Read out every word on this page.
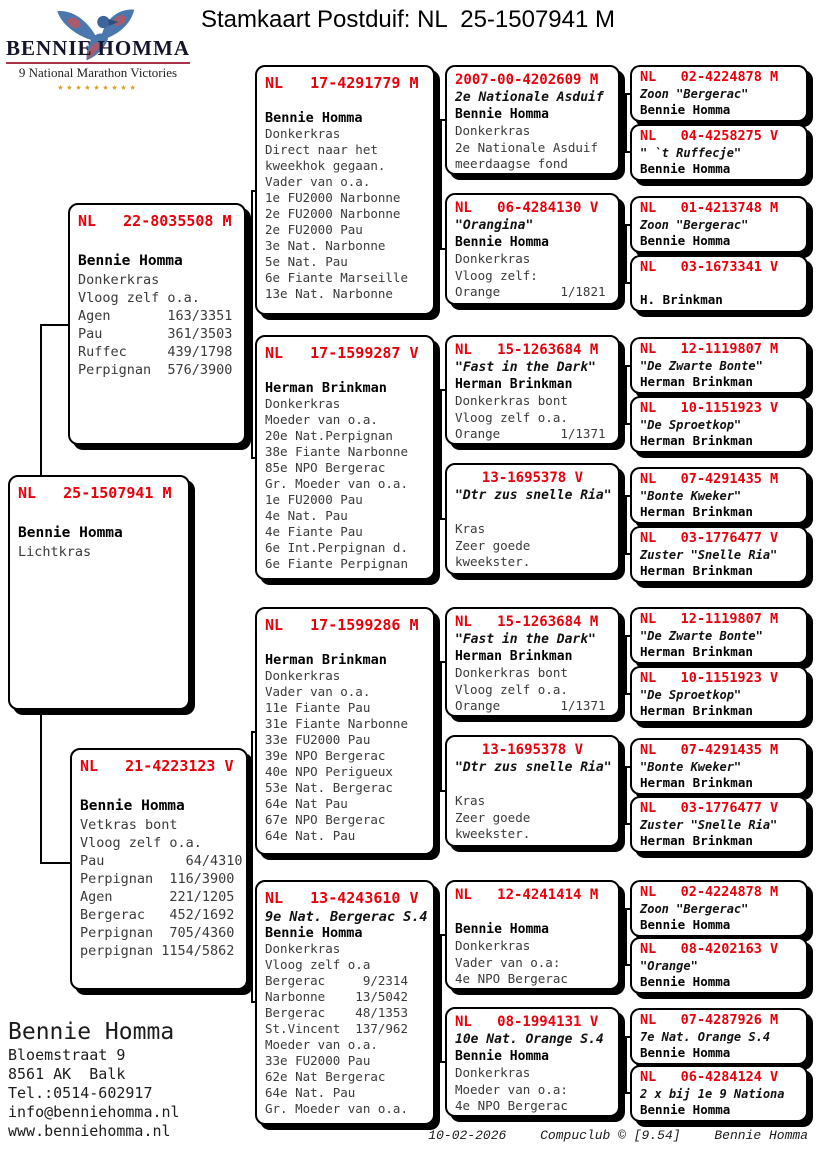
Stamkaart Postduif: NL  25-1507941 M
BENNIE HOMMA
9 National Marathon Victories
★★★★★★★★★
NL   25-1507941 M
Bennie Homma
Lichtkras
NL   22-8035508 M
Bennie Homma
Donkerkras
Vloog zelf o.a.
Agen       163/3351
Pau        361/3503
Ruffec     439/1798
Perpignan  576/3900
NL   21-4223123 V
Bennie Homma
Vetkras bont
Vloog zelf o.a.
Pau          64/4310
Perpignan  116/3900
Agen       221/1205
Bergerac   452/1692
Perpignan  705/4360
perpignan 1154/5862
NL   17-4291779 M
Bennie Homma
Donkerkras
Direct naar het
kweekhok gegaan.
Vader van o.a.
1e FU2000 Narbonne
2e FU2000 Narbonne
2e FU2000 Pau
3e Nat. Narbonne
5e Nat. Pau
6e Fiante Marseille
13e Nat. Narbonne
NL   17-1599287 V
Herman Brinkman
Donkerkras
Moeder van o.a.
20e Nat.Perpignan
38e Fiante Narbonne
85e NPO Bergerac
Gr. Moeder van o.a.
1e FU2000 Pau
4e Nat. Pau
4e Fiante Pau
6e Int.Perpignan d.
6e Fiante Perpignan
NL   17-1599286 M
Herman Brinkman
Donkerkras
Vader van o.a.
11e Fiante Pau
31e Fiante Narbonne
33e FU2000 Pau
39e NPO Bergerac
40e NPO Perigueux
53e Nat. Bergerac
64e Nat Pau
67e NPO Bergerac
64e Nat. Pau
NL   13-4243610 V
9e Nat. Bergerac S.4
Bennie Homma
Donkerkras
Vloog zelf o.a
Bergerac     9/2314
Narbonne    13/5042
Bergerac    48/1353
St.Vincent  137/962
Moeder van o.a.
33e FU2000 Pau
62e Nat Bergerac
64e Nat. Pau
Gr. Moeder van o.a.
2007-00-4202609 M
2e Nationale Asduif
Bennie Homma
Donkerkras
2e Nationale Asduif
meerdaagse fond
NL   06-4284130 V
"Orangina"
Bennie Homma
Donkerkras
Vloog zelf:
Orange        1/1821
NL   15-1263684 M
"Fast in the Dark"
Herman Brinkman
Donkerkras bont
Vloog zelf o.a.
Orange        1/1371
13-1695378 V
"Dtr zus snelle Ria"
Kras
Zeer goede
kweekster.
NL   15-1263684 M
"Fast in the Dark"
Herman Brinkman
Donkerkras bont
Vloog zelf o.a.
Orange        1/1371
13-1695378 V
"Dtr zus snelle Ria"
Kras
Zeer goede
kweekster.
NL   12-4241414 M
Bennie Homma
Donkerkras
Vader van o.a:
4e NPO Bergerac
NL   08-1994131 V
10e Nat. Orange S.4
Bennie Homma
Donkerkras
Moeder van o.a:
4e NPO Bergerac
NL   02-4224878 M
Zoon "Bergerac"
Bennie Homma
NL   04-4258275 V
" `t Ruffecje"
Bennie Homma
NL   01-4213748 M
Zoon "Bergerac"
Bennie Homma
NL   03-1673341 V
H. Brinkman
NL   12-1119807 M
"De Zwarte Bonte"
Herman Brinkman
NL   10-1151923 V
"De Sproetkop"
Herman Brinkman
NL   07-4291435 M
"Bonte Kweker"
Herman Brinkman
NL   03-1776477 V
Zuster "Snelle Ria"
Herman Brinkman
NL   12-1119807 M
"De Zwarte Bonte"
Herman Brinkman
NL   10-1151923 V
"De Sproetkop"
Herman Brinkman
NL   07-4291435 M
"Bonte Kweker"
Herman Brinkman
NL   03-1776477 V
Zuster "Snelle Ria"
Herman Brinkman
NL   02-4224878 M
Zoon "Bergerac"
Bennie Homma
NL   08-4202163 V
"Orange"
Bennie Homma
NL   07-4287926 M
7e Nat. Orange S.4
Bennie Homma
NL   06-4284124 V
2 x bij 1e 9 Nationa
Bennie Homma
Bennie Homma
Bloemstraat 9
8561 AK  Balk
Tel.:0514-602917
info@benniehomma.nl
www.benniehomma.nl	10-02-2026	Compuclub © [9.54]	Bennie Homma
